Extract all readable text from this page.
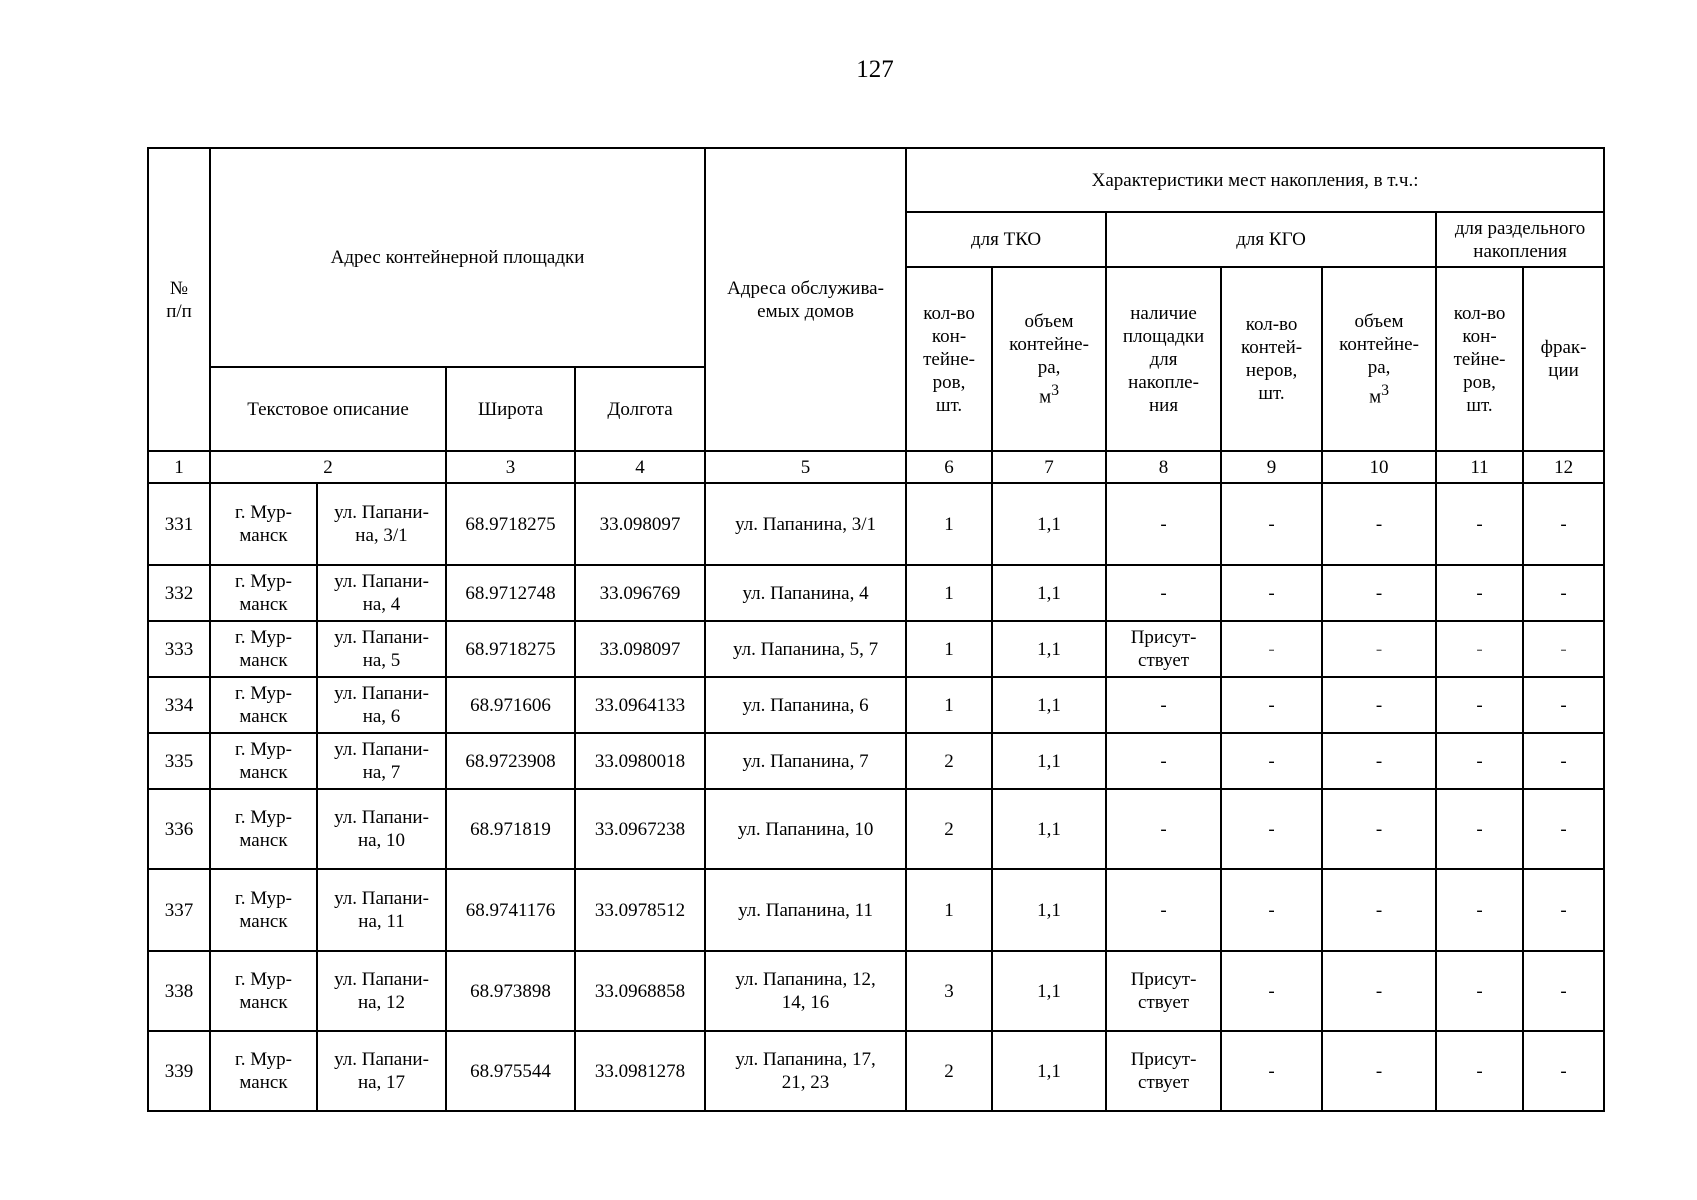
127
№
п/п	Адрес контейнерной площадки				Адреса обслужива-
емых домов	Характеристики мест накопления, в т.ч.:						
						для ТКО		для КГО			для раздельного
накопления	
						кол-во
кон-
тейне-
ров,
шт.	объем
контейне-
ра,
$м^3$	наличие
площадки
для
накопле-
ния	кол-во
контей-
неров,
шт.	объем
контейне-
ра,
$м^3$	кол-во
кон-
тейне-
ров,
шт.	фрак-
ции
	Текстовое описание		Широта	Долгота								
1	2		3	4	5	6	7	8	9	10	11	12
331	г. Мур-
манск	ул. Папани-
на, 3/1	68.9718275	33.098097	ул. Папанина, 3/1	1	1,1	-	-	-	-	-
332	г. Мур-
манск	ул. Папани-
на, 4	68.9712748	33.096769	ул. Папанина, 4	1	1,1	-	-	-	-	-
333	г. Мур-
манск	ул. Папани-
на, 5	68.9718275	33.098097	ул. Папанина, 5, 7	1	1,1	Присут-
ствует	-	-	-	-
334	г. Мур-
манск	ул. Папани-
на, 6	68.971606	33.0964133	ул. Папанина, 6	1	1,1	-	-	-	-	-
335	г. Мур-
манск	ул. Папани-
на, 7	68.9723908	33.0980018	ул. Папанина, 7	2	1,1	-	-	-	-	-
336	г. Мур-
манск	ул. Папани-
на, 10	68.971819	33.0967238	ул. Папанина, 10	2	1,1	-	-	-	-	-
337	г. Мур-
манск	ул. Папани-
на, 11	68.9741176	33.0978512	ул. Папанина, 11	1	1,1	-	-	-	-	-
338	г. Мур-
манск	ул. Папани-
на, 12	68.973898	33.0968858	ул. Папанина, 12,
14, 16	3	1,1	Присут-
ствует	-	-	-	-
339	г. Мур-
манск	ул. Папани-
на, 17	68.975544	33.0981278	ул. Папанина, 17,
21, 23	2	1,1	Присут-
ствует	-	-	-	-
